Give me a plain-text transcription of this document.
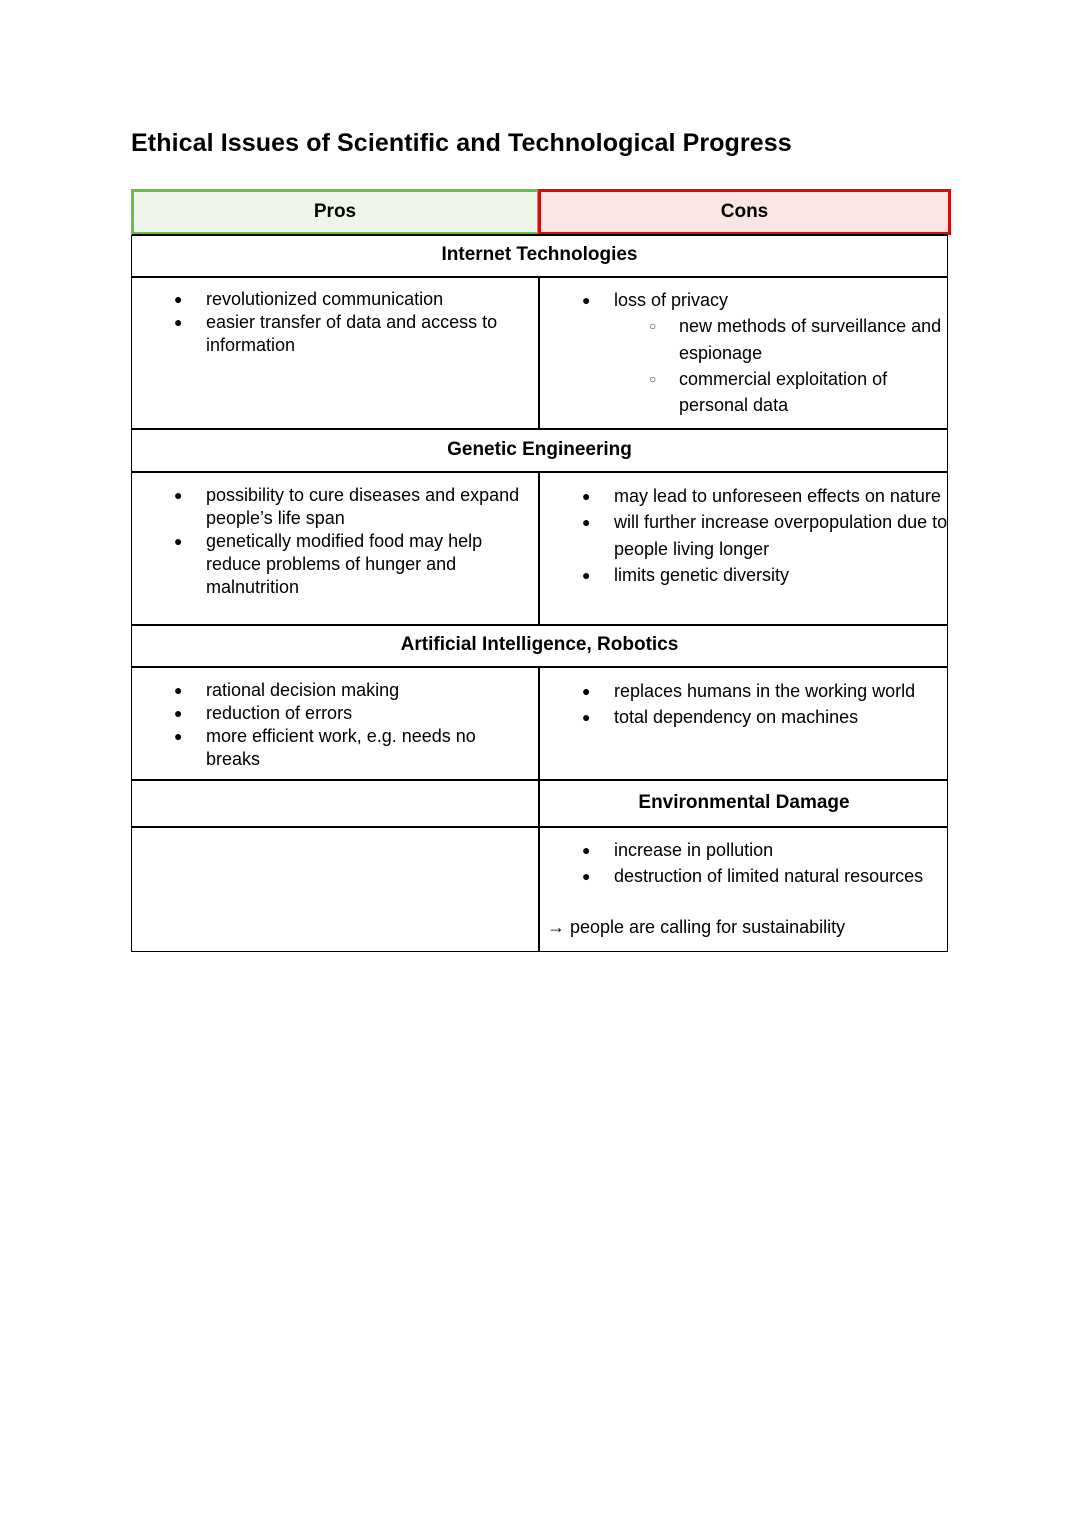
Ethical Issues of Scientific and Technological Progress
Pros	Cons
Internet Technologies
● revolutionized communication
● easier transfer of data and access to information
● loss of privacy
○ new methods of surveillance and espionage
○ commercial exploitation of personal data
Genetic Engineering
● possibility to cure diseases and expand people’s life span
● genetically modified food may help reduce problems of hunger and malnutrition
● may lead to unforeseen effects on nature
● will further increase overpopulation due to people living longer
● limits genetic diversity
Artificial Intelligence, Robotics
● rational decision making
● reduction of errors
● more efficient work, e.g. needs no breaks
● replaces humans in the working world
● total dependency on machines
Environmental Damage
● increase in pollution
● destruction of limited natural resources
→ people are calling for sustainability
